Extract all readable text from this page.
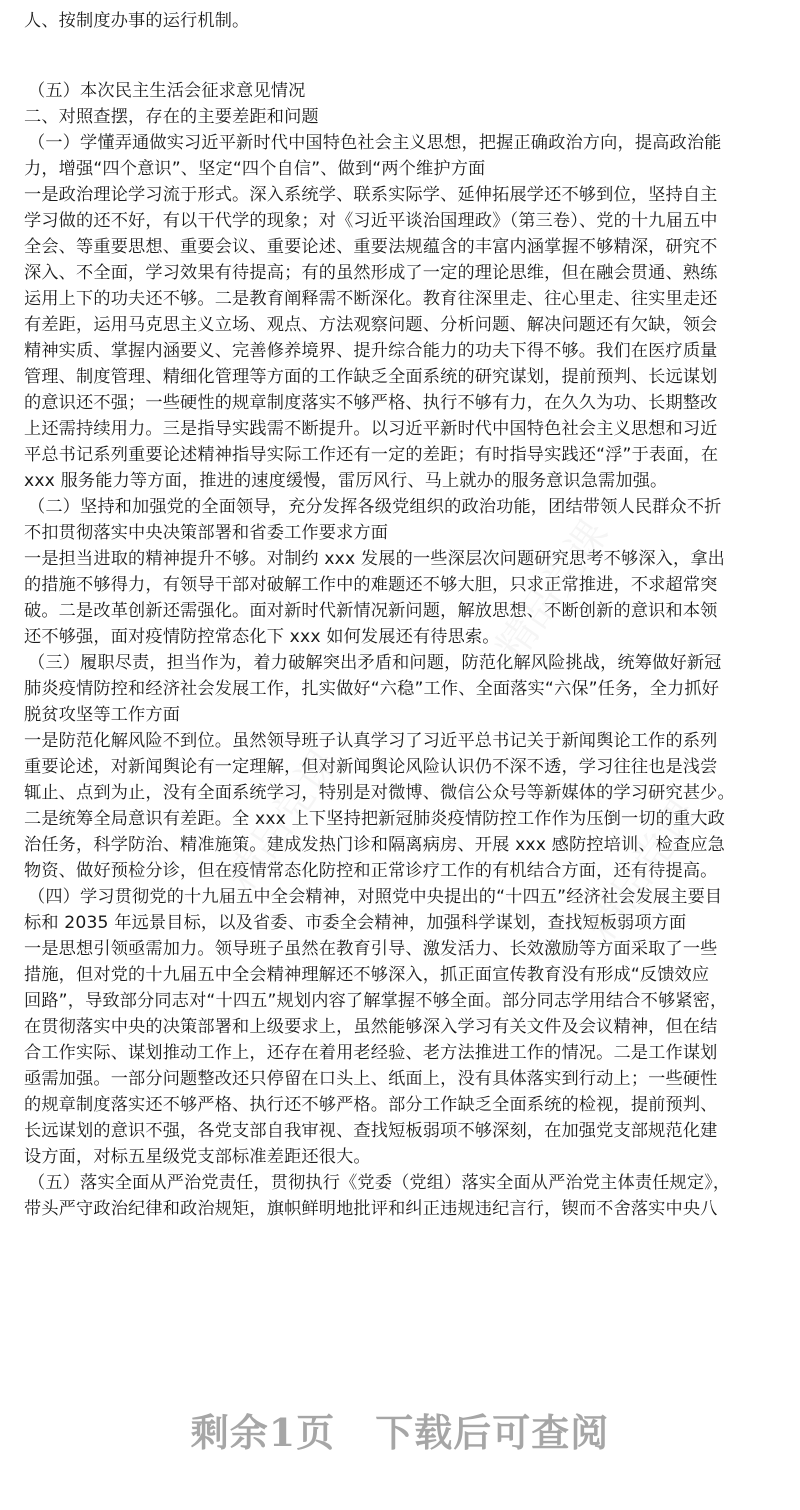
人、按制度办事的运行机制。
（五）本次民主生活会征求意见情况
二、对照查摆，存在的主要差距和问题
（一）学懂弄通做实习近平新时代中国特色社会主义思想，把握正确政治方向，提高政治能
力，增强“四个意识”、坚定“四个自信”、做到“两个维护方面
一是政治理论学习流于形式。深入系统学、联系实际学、延伸拓展学还不够到位，坚持自主
学习做的还不好，有以干代学的现象；对《习近平谈治国理政》（第三卷）、党的十九届五中
全会、等重要思想、重要会议、重要论述、重要法规蕴含的丰富内涵掌握不够精深，研究不
深入、不全面，学习效果有待提高；有的虽然形成了一定的理论思维，但在融会贯通、熟练
运用上下的功夫还不够。二是教育阐释需不断深化。教育往深里走、往心里走、往实里走还
有差距，运用马克思主义立场、观点、方法观察问题、分析问题、解决问题还有欠缺，领会
精神实质、掌握内涵要义、完善修养境界、提升综合能力的功夫下得不够。我们在医疗质量
管理、制度管理、精细化管理等方面的工作缺乏全面系统的研究谋划，提前预判、长远谋划
的意识还不强；一些硬性的规章制度落实不够严格、执行不够有力，在久久为功、长期整改
上还需持续用力。三是指导实践需不断提升。以习近平新时代中国特色社会主义思想和习近
平总书记系列重要论述精神指导实际工作还有一定的差距；有时指导实践还“浮”于表面，在
xxx 服务能力等方面，推进的速度缓慢，雷厉风行、马上就办的服务意识急需加强。
（二）坚持和加强党的全面领导，充分发挥各级党组织的政治功能，团结带领人民群众不折
不扣贯彻落实中央决策部署和省委工作要求方面
一是担当进取的精神提升不够。对制约 xxx 发展的一些深层次问题研究思考不够深入，拿出
的措施不够得力，有领导干部对破解工作中的难题还不够大胆，只求正常推进，不求超常突
破。二是改革创新还需强化。面对新时代新情况新问题，解放思想、不断创新的意识和本领
还不够强，面对疫情防控常态化下 xxx 如何发展还有待思索。
（三）履职尽责，担当作为，着力破解突出矛盾和问题，防范化解风险挑战，统筹做好新冠
肺炎疫情防控和经济社会发展工作，扎实做好“六稳”工作、全面落实“六保”任务，全力抓好
脱贫攻坚等工作方面
一是防范化解风险不到位。虽然领导班子认真学习了习近平总书记关于新闻舆论工作的系列
重要论述，对新闻舆论有一定理解，但对新闻舆论风险认识仍不深不透，学习往往也是浅尝
辄止、点到为止，没有全面系统学习，特别是对微博、微信公众号等新媒体的学习研究甚少。
二是统筹全局意识有差距。全 xxx 上下坚持把新冠肺炎疫情防控工作作为压倒一切的重大政
治任务，科学防治、精准施策。建成发热门诊和隔离病房、开展 xxx 感防控培训、检查应急
物资、做好预检分诊，但在疫情常态化防控和正常诊疗工作的有机结合方面，还有待提高。
（四）学习贯彻党的十九届五中全会精神，对照党中央提出的“十四五”经济社会发展主要目
标和 2035 年远景目标，以及省委、市委全会精神，加强科学谋划，查找短板弱项方面
一是思想引领亟需加力。领导班子虽然在教育引导、激发活力、长效激励等方面采取了一些
措施，但对党的十九届五中全会精神理解还不够深入，抓正面宣传教育没有形成“反馈效应
回路”，导致部分同志对“十四五”规划内容了解掌握不够全面。部分同志学用结合不够紧密，
在贯彻落实中央的决策部署和上级要求上，虽然能够深入学习有关文件及会议精神，但在结
合工作实际、谋划推动工作上，还存在着用老经验、老方法推进工作的情况。二是工作谋划
亟需加强。一部分问题整改还只停留在口头上、纸面上，没有具体落实到行动上；一些硬性
的规章制度落实还不够严格、执行还不够严格。部分工作缺乏全面系统的检视，提前预判、
长远谋划的意识不强，各党支部自我审视、查找短板弱项不够深刻，在加强党支部规范化建
设方面，对标五星级党支部标准差距还很大。
（五）落实全面从严治党责任，贯彻执行《党委（党组）落实全面从严治党主体责任规定》，
带头严守政治纪律和政治规矩，旗帜鲜明地批评和纠正违规违纪言行，锲而不舍落实中央八
精品党课
精品党课	精品党课
剩余1页 下载后可查阅
